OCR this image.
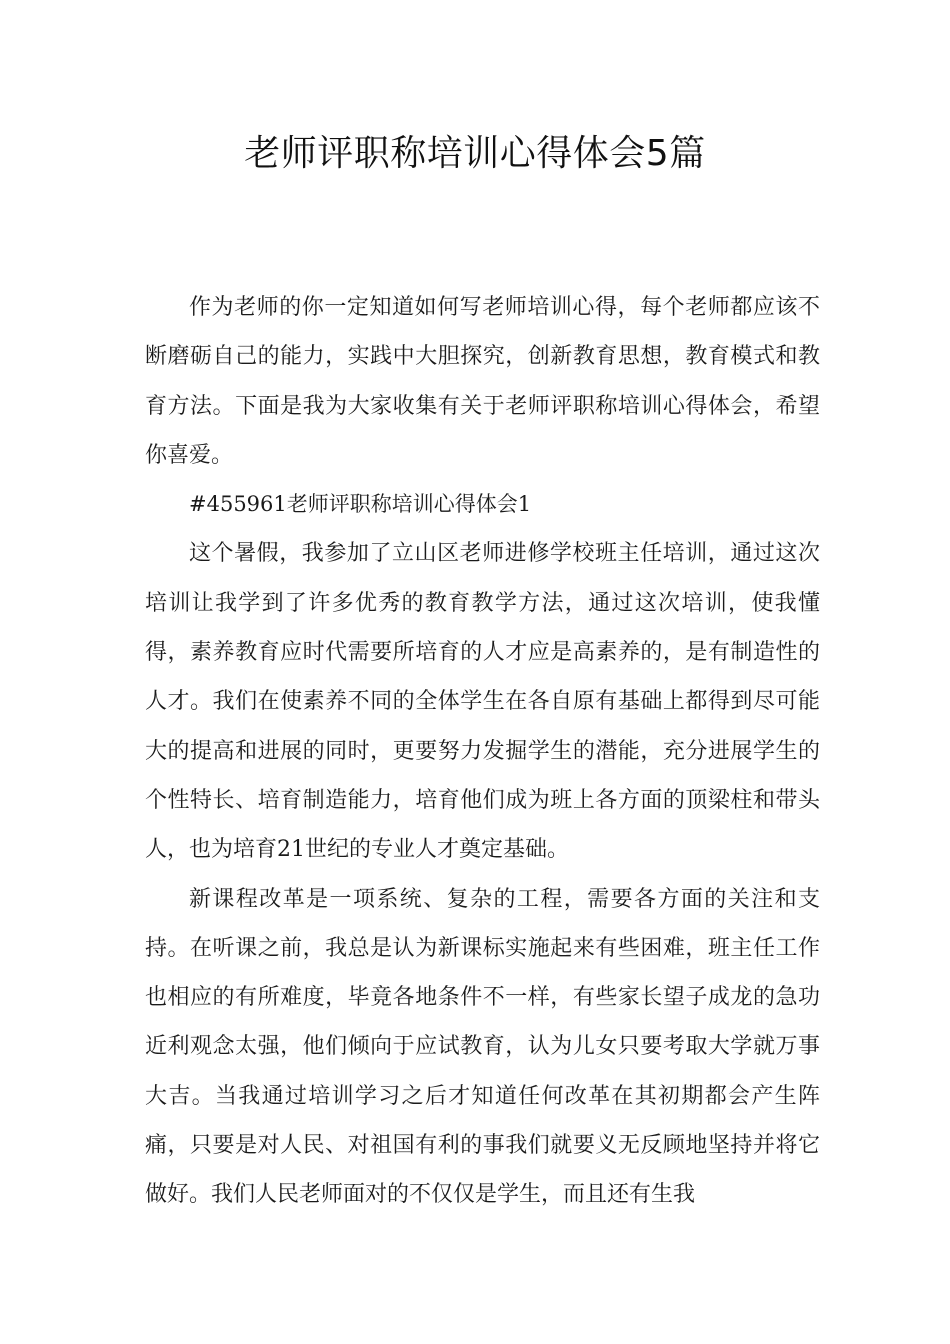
老师评职称培训心得体会5篇

作为老师的你一定知道如何写老师培训心得，每个老师都应该不断磨砺自己的能力，实践中大胆探究，创新教育思想，教育模式和教育方法。下面是我为大家收集有关于老师评职称培训心得体会，希望你喜爱。

#455961老师评职称培训心得体会1

这个暑假，我参加了立山区老师进修学校班主任培训，通过这次培训让我学到了许多优秀的教育教学方法，通过这次培训，使我懂得，素养教育应时代需要所培育的人才应是高素养的，是有制造性的人才。我们在使素养不同的全体学生在各自原有基础上都得到尽可能大的提高和进展的同时，更要努力发掘学生的潜能，充分进展学生的个性特长、培育制造能力，培育他们成为班上各方面的顶梁柱和带头人，也为培育21世纪的专业人才奠定基础。

新课程改革是一项系统、复杂的工程，需要各方面的关注和支持。在听课之前，我总是认为新课标实施起来有些困难，班主任工作也相应的有所难度，毕竟各地条件不一样，有些家长望子成龙的急功近利观念太强，他们倾向于应试教育，认为儿女只要考取大学就万事大吉。当我通过培训学习之后才知道任何改革在其初期都会产生阵痛，只要是对人民、对祖国有利的事我们就要义无反顾地坚持并将它做好。我们人民老师面对的不仅仅是学生，而且还有生我
